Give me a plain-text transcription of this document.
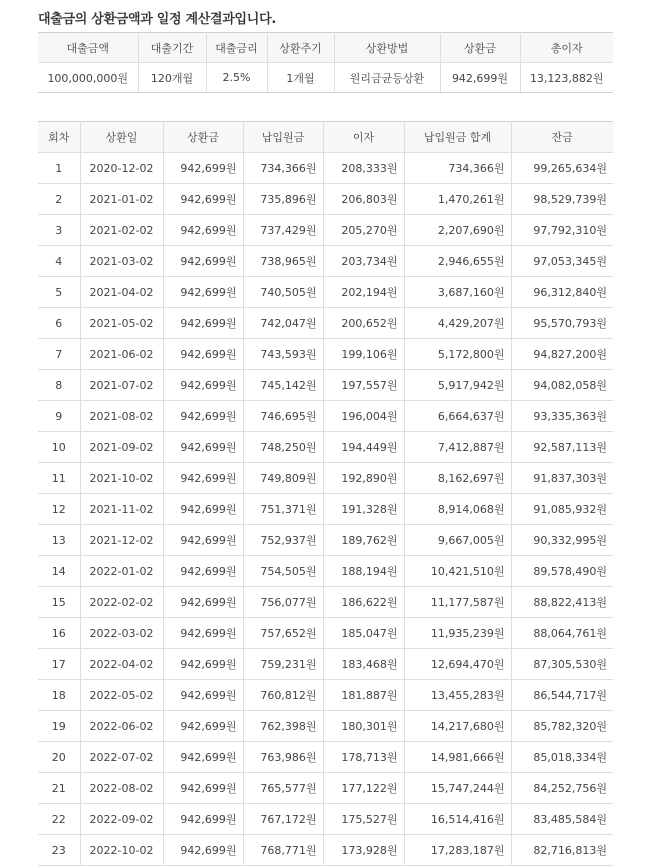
대출금의 상환금액과 일정 계산결과입니다.
대출금액	대출기간	대출금리	상환주기	상환방법	상환금	총이자
100,000,000원	120개월	2.5%	1개월	원리금균등상환	942,699원	13,123,882원
회차	상환일	상환금	납입원금	이자	납입원금 합계	잔금
1	2020-12-02	942,699원	734,366원	208,333원	734,366원	99,265,634원
2	2021-01-02	942,699원	735,896원	206,803원	1,470,261원	98,529,739원
3	2021-02-02	942,699원	737,429원	205,270원	2,207,690원	97,792,310원
4	2021-03-02	942,699원	738,965원	203,734원	2,946,655원	97,053,345원
5	2021-04-02	942,699원	740,505원	202,194원	3,687,160원	96,312,840원
6	2021-05-02	942,699원	742,047원	200,652원	4,429,207원	95,570,793원
7	2021-06-02	942,699원	743,593원	199,106원	5,172,800원	94,827,200원
8	2021-07-02	942,699원	745,142원	197,557원	5,917,942원	94,082,058원
9	2021-08-02	942,699원	746,695원	196,004원	6,664,637원	93,335,363원
10	2021-09-02	942,699원	748,250원	194,449원	7,412,887원	92,587,113원
11	2021-10-02	942,699원	749,809원	192,890원	8,162,697원	91,837,303원
12	2021-11-02	942,699원	751,371원	191,328원	8,914,068원	91,085,932원
13	2021-12-02	942,699원	752,937원	189,762원	9,667,005원	90,332,995원
14	2022-01-02	942,699원	754,505원	188,194원	10,421,510원	89,578,490원
15	2022-02-02	942,699원	756,077원	186,622원	11,177,587원	88,822,413원
16	2022-03-02	942,699원	757,652원	185,047원	11,935,239원	88,064,761원
17	2022-04-02	942,699원	759,231원	183,468원	12,694,470원	87,305,530원
18	2022-05-02	942,699원	760,812원	181,887원	13,455,283원	86,544,717원
19	2022-06-02	942,699원	762,398원	180,301원	14,217,680원	85,782,320원
20	2022-07-02	942,699원	763,986원	178,713원	14,981,666원	85,018,334원
21	2022-08-02	942,699원	765,577원	177,122원	15,747,244원	84,252,756원
22	2022-09-02	942,699원	767,172원	175,527원	16,514,416원	83,485,584원
23	2022-10-02	942,699원	768,771원	173,928원	17,283,187원	82,716,813원
